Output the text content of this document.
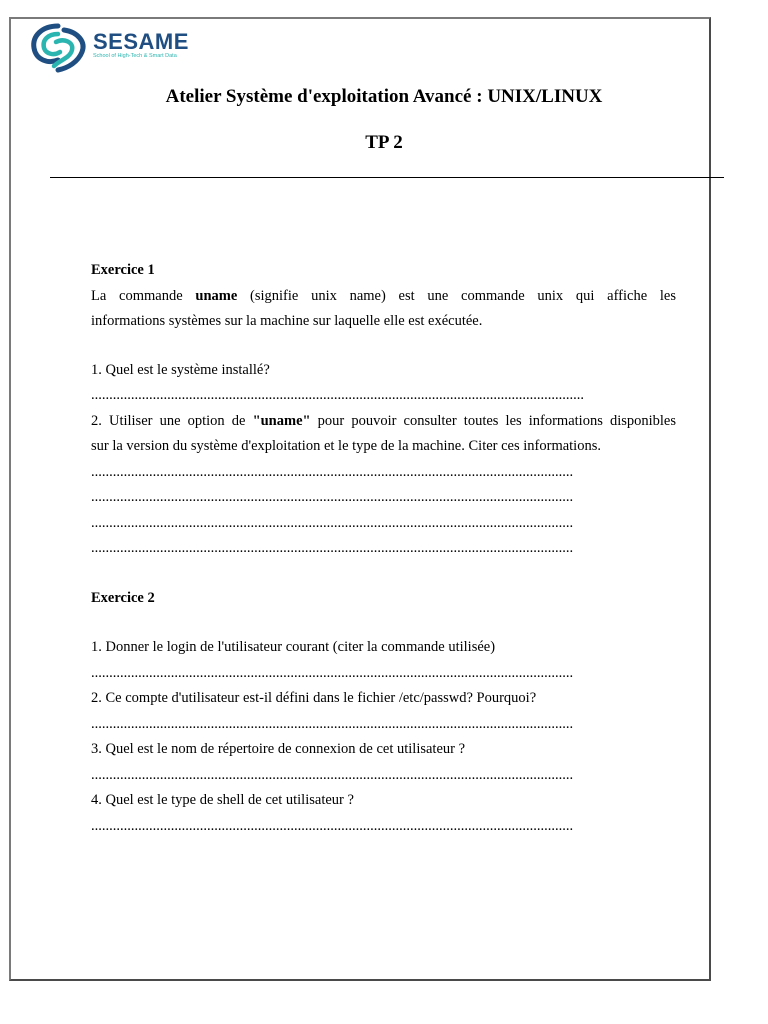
SESAME
School of High-Tech & Smart Data
Atelier Système d'exploitation Avancé : UNIX/LINUX
TP 2

Exercice 1

La commande uname (signifie unix name) est une commande unix qui affiche les

informations systèmes sur la machine sur laquelle elle est exécutée.

1. Quel est le système installé?

........................................................................................................................................

2. Utiliser une option de "uname" pour pouvoir consulter toutes les informations disponibles

sur la version du système d'exploitation et le type de la machine. Citer ces informations.

.....................................................................................................................................

.....................................................................................................................................

.....................................................................................................................................

.....................................................................................................................................

Exercice 2

1. Donner le login de l'utilisateur courant (citer la commande utilisée)

.....................................................................................................................................

2. Ce compte d'utilisateur est-il défini dans le fichier /etc/passwd? Pourquoi?

.....................................................................................................................................

3. Quel est le nom de répertoire de connexion de cet utilisateur ?

.....................................................................................................................................

4. Quel est le type de shell de cet utilisateur ?

.....................................................................................................................................
